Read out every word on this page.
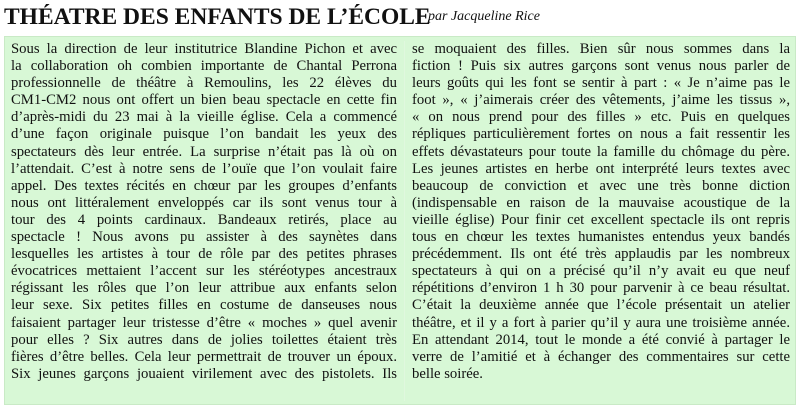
THÉATRE DES ENFANTS DE L’ÉCOLE
par Jacqueline Rice
Sous la direction de leur institutrice Blandine Pichon et avec
la collaboration oh combien importante de Chantal Perrona
professionnelle de théâtre à Remoulins, les 22 élèves du
CM1-CM2 nous ont offert un bien beau spectacle en cette fin
d’après-midi du 23 mai à la vieille église. Cela a commencé
d’une façon originale puisque l’on bandait les yeux des
spectateurs dès leur entrée. La surprise n’était pas là où on
l’attendait. C’est à notre sens de l’ouïe que l’on voulait faire
appel. Des textes récités en chœur par les groupes d’enfants
nous ont littéralement enveloppés car ils sont venus tour à
tour des 4 points cardinaux. Bandeaux retirés, place au
spectacle ! Nous avons pu assister à des saynètes dans
lesquelles les artistes à tour de rôle par des petites phrases
évocatrices mettaient l’accent sur les stéréotypes ancestraux
régissant les rôles que l’on leur attribue aux enfants selon
leur sexe. Six petites filles en costume de danseuses nous
faisaient partager leur tristesse d’être « moches » quel avenir
pour elles ? Six autres dans de jolies toilettes étaient très
fières d’être belles. Cela leur permettrait de trouver un époux.
Six jeunes garçons jouaient virilement avec des pistolets. Ils
se moquaient des filles. Bien sûr nous sommes dans la
fiction ! Puis six autres garçons sont venus nous parler de
leurs goûts qui les font se sentir à part : « Je n’aime pas le
foot », « j’aimerais créer des vêtements, j’aime les tissus »,
« on nous prend pour des filles » etc. Puis en quelques
répliques particulièrement fortes on nous a fait ressentir les
effets dévastateurs pour toute la famille du chômage du père.
Les jeunes artistes en herbe ont interprété leurs textes avec
beaucoup de conviction et avec une très bonne diction
(indispensable en raison de la mauvaise acoustique de la
vieille église) Pour finir cet excellent spectacle ils ont repris
tous en chœur les textes humanistes entendus yeux bandés
précédemment. Ils ont été très applaudis par les nombreux
spectateurs à qui on a précisé qu’il n’y avait eu que neuf
répétitions d’environ 1 h 30 pour parvenir à ce beau résultat.
C’était la deuxième année que l’école présentait un atelier
théâtre, et il y a fort à parier qu’il y aura une troisième année.
En attendant 2014, tout le monde a été convié à partager le
verre de l’amitié et à échanger des commentaires sur cette
belle soirée.
